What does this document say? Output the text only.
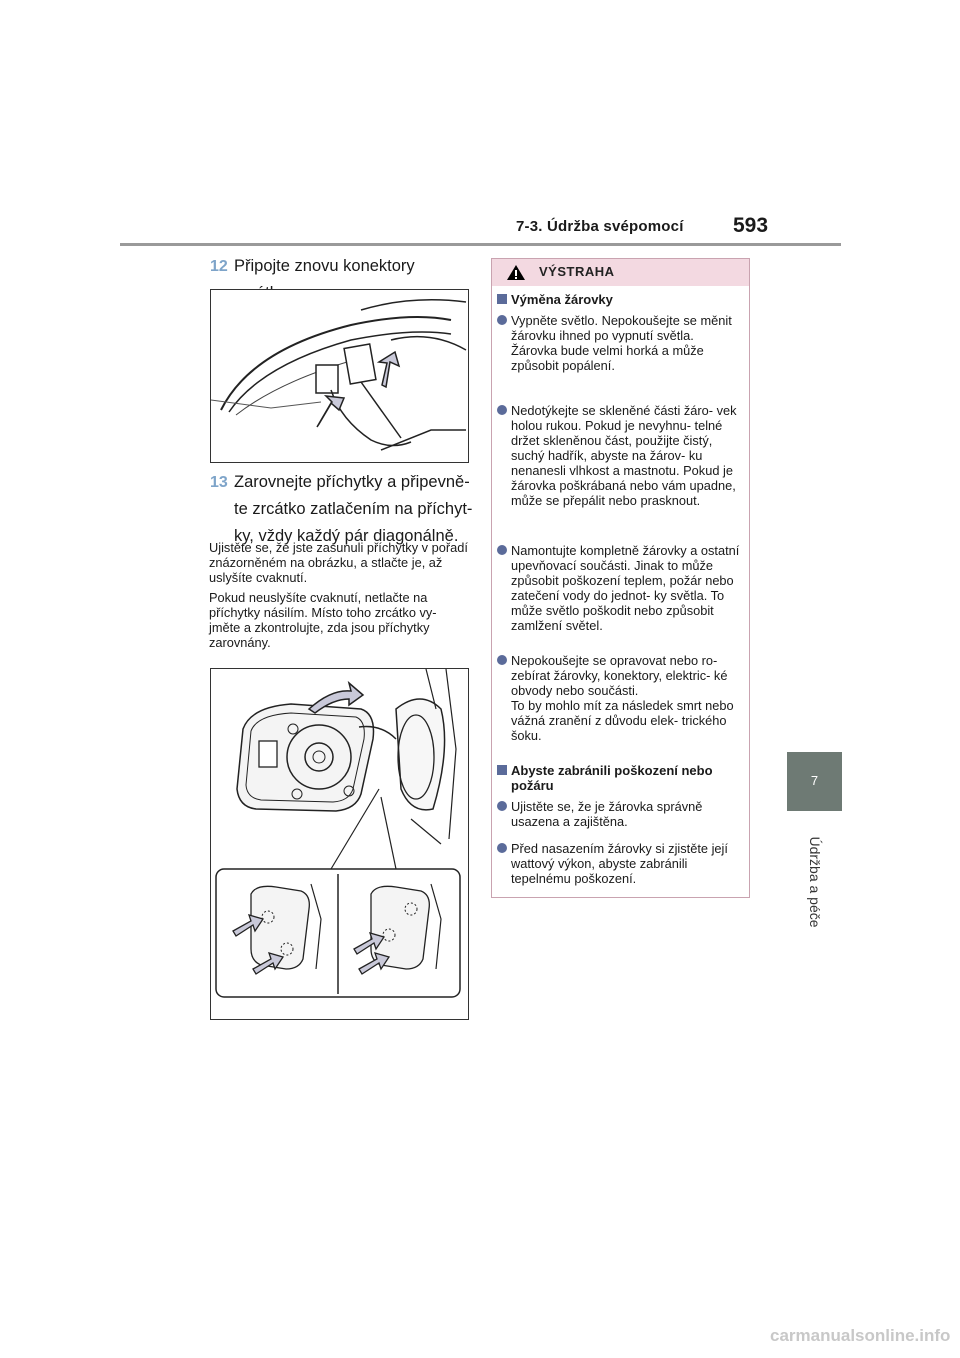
7-3. Údržba svépomocí 593
7
Údržba a péče
12 Připojte znovu konektory
13 Zarovnejte příchytky a připevně- te zrcátko zatlačením na příchyt- ky, vždy každý pár diagonálně.
Ujistěte se, že jste zasunuli příchytky v pořadí znázorněném na obrázku, a stlačte je, až uslyšíte cvaknutí.
Pokud neuslyšíte cvaknutí, netlačte na příchytky násilím. Místo toho zrcátko vy- jměte a zkontrolujte, zda jsou příchytky zarovnány.
VÝSTRAHA
Výměna žárovky
Vypněte světlo. Nepokoušejte se měnit žárovku ihned po vypnutí světla.
Žárovka bude velmi horká a může způsobit popálení.
Nedotýkejte se skleněné části žáro- vek holou rukou. Pokud je nevyhnu- telné držet skleněnou část, použijte čistý, suchý hadřík, abyste na žárov- ku nenanesli vlhkost a mastnotu. Pokud je žárovka poškrábaná nebo vám upadne, může se přepálit nebo prasknout.
Namontujte kompletně žárovky a ostatní upevňovací součásti. Jinak to může způsobit poškození teplem, požár nebo zatečení vody do jednot- ky světla. To může světlo poškodit nebo způsobit zamlžení světel.
Nepokoušejte se opravovat nebo ro- zebírat žárovky, konektory, elektric- ké obvody nebo součásti.
To by mohlo mít za následek smrt nebo vážná zranění z důvodu elek- trického šoku.
Abyste zabránili poškození nebo požáru
Ujistěte se, že je žárovka správně usazena a zajištěna.
Před nasazením žárovky si zjistěte její wattový výkon, abyste zabránili tepelnému poškození.
carmanualsonline.info
